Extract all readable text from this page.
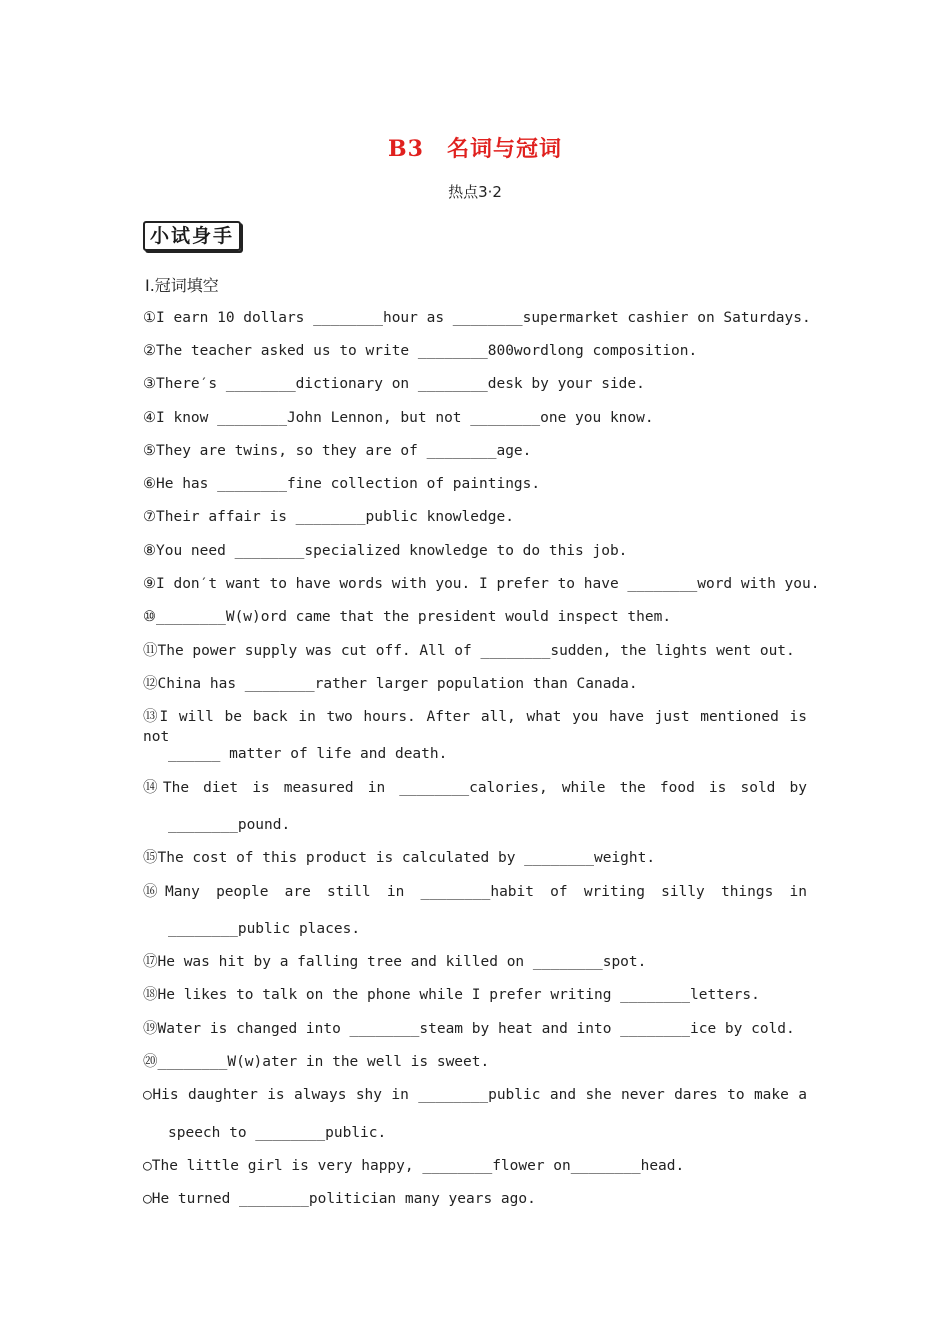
B3　名词与冠词
热点3·2
小试身手
Ⅰ.冠词填空
①I earn 10 dollars ________hour as ________supermarket cashier on Saturdays.
②The teacher asked us to write ________800wordlong composition.
③There′s ________dictionary on ________desk by your side.
④I know ________John Lennon, but not ________one you know.
⑤They are twins, so they are of ________age.
⑥He has ________fine collection of paintings.
⑦Their affair is ________public knowledge.
⑧You need ________specialized knowledge to do this job.
⑨I don′t want to have words with you. I prefer to have ________word with you.
⑩________W(w)ord came that the president would inspect them.
⑪The power supply was cut off. All of ________sudden, the lights went out.
⑫China has ________rather larger population than Canada.
⑬I will be back in two hours. After all, what you have just mentioned is not
______ matter of life and death.
⑭The diet is measured in ________calories, while the food is sold by
________pound.
⑮The cost of this product is calculated by ________weight.
⑯Many people are still in ________habit of writing silly things in
________public places.
⑰He was hit by a falling tree and killed on ________spot.
⑱He likes to talk on the phone while I prefer writing ________letters.
⑲Water is changed into ________steam by heat and into ________ice by cold.
⑳________W(w)ater in the well is sweet.
○His daughter is always shy in ________public and she never dares to make a
speech to ________public.
○The little girl is very happy, ________flower on________head.
○He turned ________politician many years ago.
